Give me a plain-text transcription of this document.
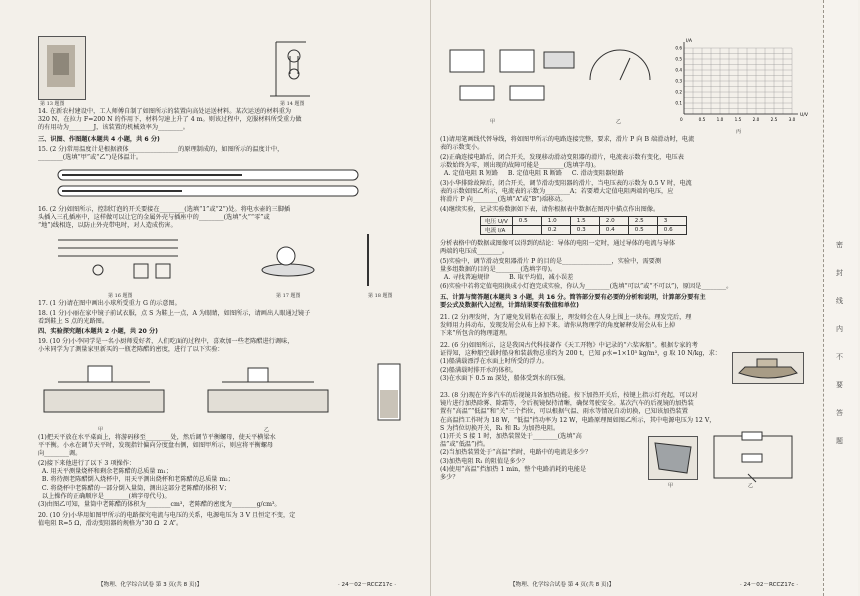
第 13 题图	第 14 题图
14. 在新农村建设中，工人师傅自制了如图所示的装置向高处运送材料。某次运送的材料重为
320 N，在拉力 F=200 N 的作用下，材料匀速上升了 4 m。则该过程中，克服材料所受重力做
的有用功为________J，该装置的机械效率为________。
三、识图、作图题(本题共 4 小题，共 6 分)
15. (2 分)常用温度计是根据液体________________的原理制成的，如图所示的温度计中，
________(选填“甲”或“乙”)是体温计。
16. (2 分)如图所示，控制灯泡的开关要接在________(选填“1”或“2”)处。将电水壶的三脚插
头插入三孔插座中，这样做可以让它的金属外壳与插座中的________(选填“火”“零”或
“地”)线相连，以防止外壳带电时，对人造成伤害。
第 16 题图	第 17 题图	第 18 题图
17. (1 分)请在图中画出小球所受重力 G 的示意图。
18. (1 分)小丽在家中镜子前试衣服，点 S 为鞋上一点，A 为眼睛，如图所示，请画出人眼通过镜子
看到鞋上 S 点的光路图。
四、实验探究题(本题共 2 小题，共 20 分)
19. (10 分)小李同学是一名小厨师爱好者，人们吃面的过程中，喜欢加一些老陈醋进行调味，
小米同学为了测量家里新买的一瓶老陈醋的密度，进行了以下实验：
甲	乙
(1)把天平放在水平桌面上，将游码移至________处，然后调节平衡螺母，使天平横梁水
平平衡。小永在调节天平时，发现指针偏向分度盘右侧，如图甲所示，则应将平衡螺母
向________调。
(2)接下来他进行了以下 3 项操作：
A. 用天平测量烧杯和剩余老陈醋的总质量 m₁；
B. 将待测老陈醋倒入烧杯中，用天平测出烧杯和老陈醋的总质量 m₂；
C. 将烧杯中老陈醋的一部分倒入量筒，测出这部分老陈醋的体积 V；
以上操作的正确顺序是________(填字母代号)。
(3)由图乙可知，量筒中老陈醋的体积为________cm³，老陈醋的密度为________g/cm³。
20. (10 分)小华用如图甲所示的电路探究电流与电压的关系，电源电压为 3 V 且恒定不变，定
值电阻 R=5 Ω，滑动变阻器的规格为“30 Ω  2 A”。
【物理、化学综合试卷 第 3 页(共 8 页)】	· 24－02－RCCZ17c ·
甲	乙	0.5	1.0	1.5	2.0	2.5	3.0
0.1
0.2
0.3
0.4
0.5
0.6
U/V
I/A
0
丙
(1)请用笔画线代替导线，将如图甲所示的电路连接完整，要求，滑片 P 向 B 端滑动时，电流
表的示数变小。
(2)正确连接电路后，闭合开关，发现移动滑动变阻器的滑片，电流表示数有变化，电压表
示数始终为零，则出现的故障可能是________(选填字母)。
A. 定值电阻 R 短路     B. 定值电阻 R 断路     C. 滑动变阻器短路
(3)小华排除故障后，闭合开关，调节滑动变阻器的滑片，当电压表的示数为 0.5 V 时，电流
表的示数如图乙所示，电流表的示数为________A；若要增大定值电阻两端的电压，应
将滑片 P 向________(选填“A”或“B”)端移动。
(4)继续实验，记录实验数据如下表，请你根据表中数据在图丙中描点作出图像。
电压 U/V	0.5	1.0	1.5	2.0	2.5	3
电流 I/A		0.2	0.3	0.4	0.5	0.6
分析表格中的数据或图像可以得到的结论：导体的电阻一定时，通过导体的电流与导体
两端的电压成________。
(5)实验中，调节滑动变阻器滑片 P 的目的是________________，实验中，需要测
量多组数据的目的是________(选填字母)。
A. 寻找普遍规律          B. 取平均值，减小误差
(6)实验中若将定值电阻换成小灯泡完成实验，你认为________(选填“可以”或“不可以”)，原因是________。
五、计算与简答题(本题共 3 小题，共 16 分。简答部分要有必要的分析和说明，计算部分要有主
要公式及数据代入过程，计算结果要有数值和单位)
21. (2 分)理发时，为了避免发屑粘在衣服上，理发师会在人身上围上一块布。理发完后，理
发师用力抖动布，发现发屑会从布上掉下来。请你从物理学的角度解释发屑会从布上掉
下来”所包含的物理道理。
22. (6 分)如图所示，这是我国古代科技著作《天工开物》中记录的“六桨客船”。根据专家的考
证得知，这种船空载时船身和装载物总重约为 200 t，已知 ρ水=1×10³ kg/m³，g 取 10 N/kg，求：
(1)船满载漂浮在水面上时所受的浮力。
(2)船满载时排开水的体积。
(3)在水面下 0.5 m 深处，船体受到水的压强。
23. (8 分)现在许多汽车的后视镜具备加热功能。按下加热开关后，按键上指示灯亮起，可以对
镜片进行加热除雾、除霜等，令后视镜保持清晰，确保驾驶安全。某次汽车的后视镜的加热装
置有“高温”“低温”和“关”三个挡位，可以根据气温、雨水等情况自动切换，已知该加热装置
在高温挡工作时为 18 W，“低温”挡功率为 12 W，电路原理图如图乙所示，其中电源电压为 12 V，
S 为挡位切换开关，R₁ 和 R₂ 为加热电阻。
(1)开关 S 接 1 时，加热装置处于________(选填“高
温”或“低温”)挡。
(2)当加热装置处于“高温”挡时，电路中的电流是多少？
(3)加热电阻 R₁ 的阻值是多少？
(4)使用“高温”挡加热 1 min，整个电路消耗的电能是
多少？
甲	乙
【物理、化学综合试卷 第 4 页(共 8 页)】	· 24－02－RCCZ17c ·
密
封
线
内
不
要
答
题
